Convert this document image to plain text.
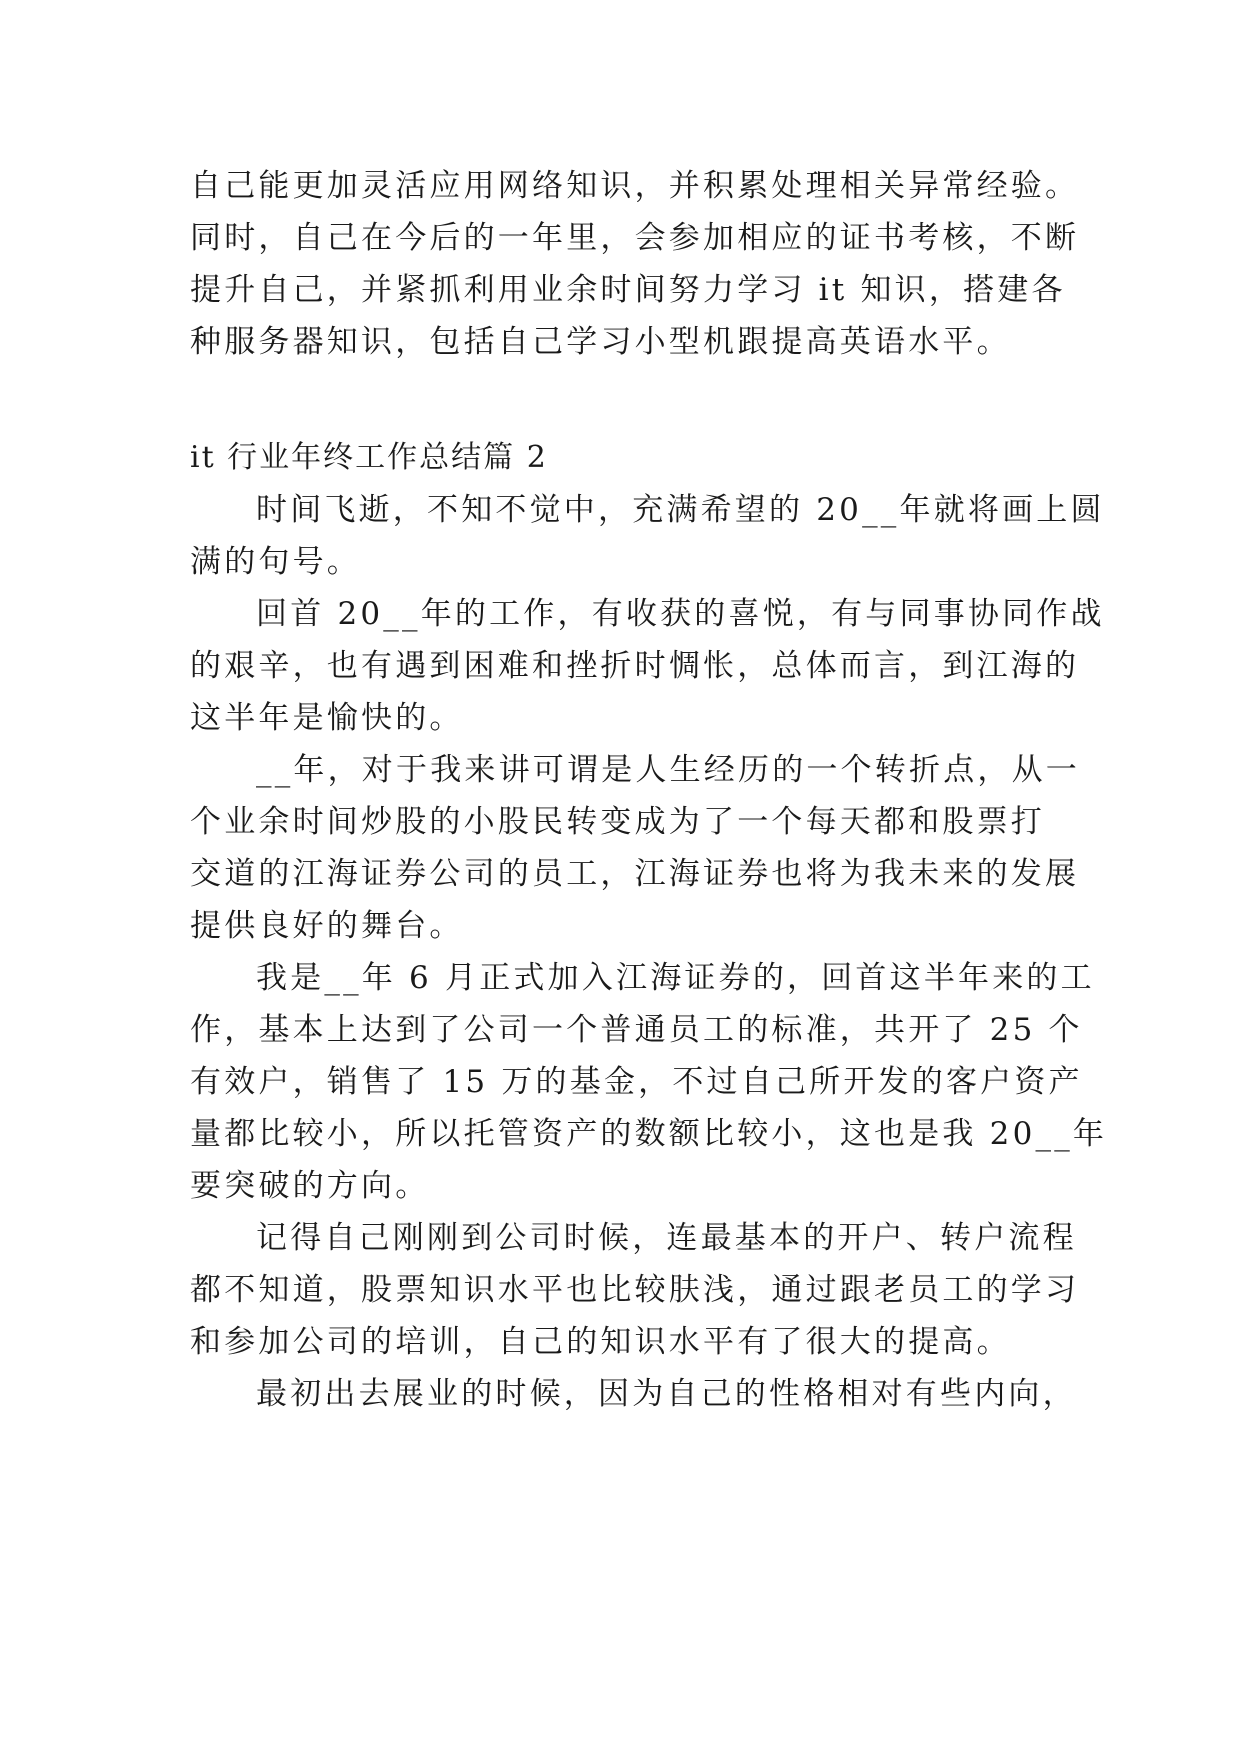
自己能更加灵活应用网络知识，并积累处理相关异常经验。
同时，自己在今后的一年里，会参加相应的证书考核，不断
提升自己，并紧抓利用业余时间努力学习 it 知识，搭建各
种服务器知识，包括自己学习小型机跟提高英语水平。
it 行业年终工作总结篇 2
时间飞逝，不知不觉中，充满希望的 20__年就将画上圆
满的句号。
回首 20__年的工作，有收获的喜悦，有与同事协同作战
的艰辛，也有遇到困难和挫折时惆怅，总体而言，到江海的
这半年是愉快的。
__年，对于我来讲可谓是人生经历的一个转折点，从一
个业余时间炒股的小股民转变成为了一个每天都和股票打
交道的江海证券公司的员工，江海证券也将为我未来的发展
提供良好的舞台。
我是__年 6 月正式加入江海证券的，回首这半年来的工
作，基本上达到了公司一个普通员工的标准，共开了 25 个
有效户，销售了 15 万的基金，不过自己所开发的客户资产
量都比较小，所以托管资产的数额比较小，这也是我 20__年
要突破的方向。
记得自己刚刚到公司时候，连最基本的开户、转户流程
都不知道，股票知识水平也比较肤浅，通过跟老员工的学习
和参加公司的培训，自己的知识水平有了很大的提高。
最初出去展业的时候，因为自己的性格相对有些内向，
